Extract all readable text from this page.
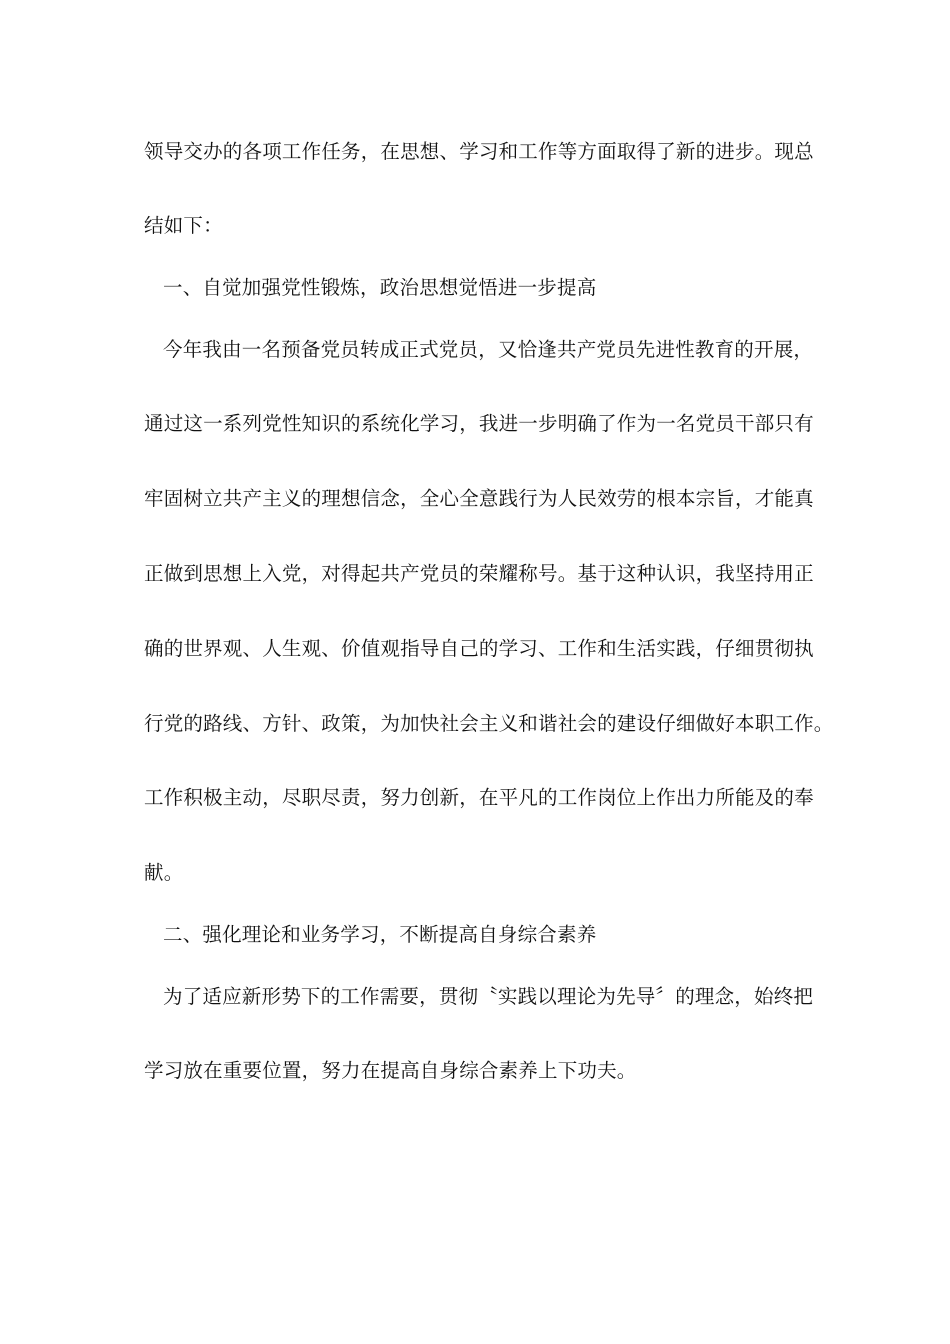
领导交办的各项工作任务，在思想、学习和工作等方面取得了新的进步。现总
结如下：
一、自觉加强党性锻炼，政治思想觉悟进一步提高
今年我由一名预备党员转成正式党员，又恰逢共产党员先进性教育的开展，
通过这一系列党性知识的系统化学习，我进一步明确了作为一名党员干部只有
牢固树立共产主义的理想信念，全心全意践行为人民效劳的根本宗旨，才能真
正做到思想上入党，对得起共产党员的荣耀称号。基于这种认识，我坚持用正
确的世界观、人生观、价值观指导自己的学习、工作和生活实践，仔细贯彻执
行党的路线、方针、政策，为加快社会主义和谐社会的建设仔细做好本职工作。
工作积极主动，尽职尽责，努力创新，在平凡的工作岗位上作出力所能及的奉
献。
二、强化理论和业务学习，不断提高自身综合素养
为了适应新形势下的工作需要，贯彻〝实践以理论为先导〞的理念，始终把
学习放在重要位置，努力在提高自身综合素养上下功夫。
